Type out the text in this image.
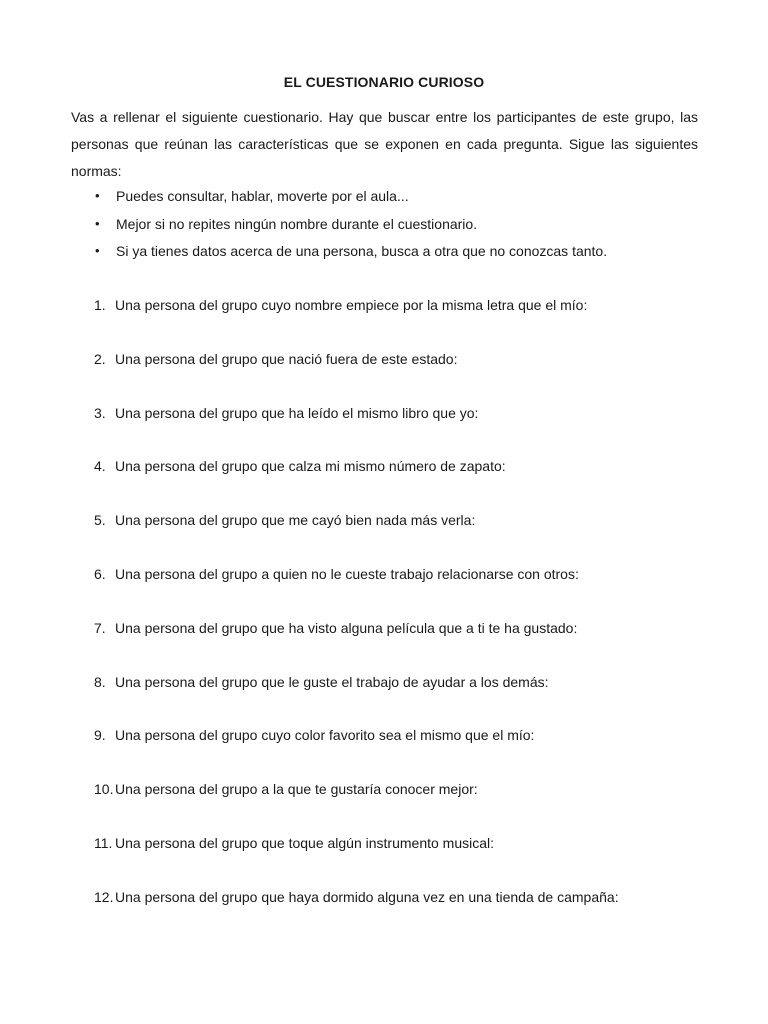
EL CUESTIONARIO CURIOSO

Vas a rellenar el siguiente cuestionario. Hay que buscar entre los participantes de este grupo, las personas que reúnan las características que se exponen en cada pregunta. Sigue las siguientes normas:

• Puedes consultar, hablar, moverte por el aula...
• Mejor si no repites ningún nombre durante el cuestionario.
• Si ya tienes datos acerca de una persona, busca a otra que no conozcas tanto.
1. Una persona del grupo cuyo nombre empiece por la misma letra que el mío:
2. Una persona del grupo que nació fuera de este estado:
3. Una persona del grupo que ha leído el mismo libro que yo:
4. Una persona del grupo que calza mi mismo número de zapato:
5. Una persona del grupo que me cayó bien nada más verla:
6. Una persona del grupo a quien no le cueste trabajo relacionarse con otros:
7. Una persona del grupo que ha visto alguna película que a ti te ha gustado:
8. Una persona del grupo que le guste el trabajo de ayudar a los demás:
9. Una persona del grupo cuyo color favorito sea el mismo que el mío:
10. Una persona del grupo a la que te gustaría conocer mejor:
11. Una persona del grupo que toque algún instrumento musical:
12. Una persona del grupo que haya dormido alguna vez en una tienda de campaña:
